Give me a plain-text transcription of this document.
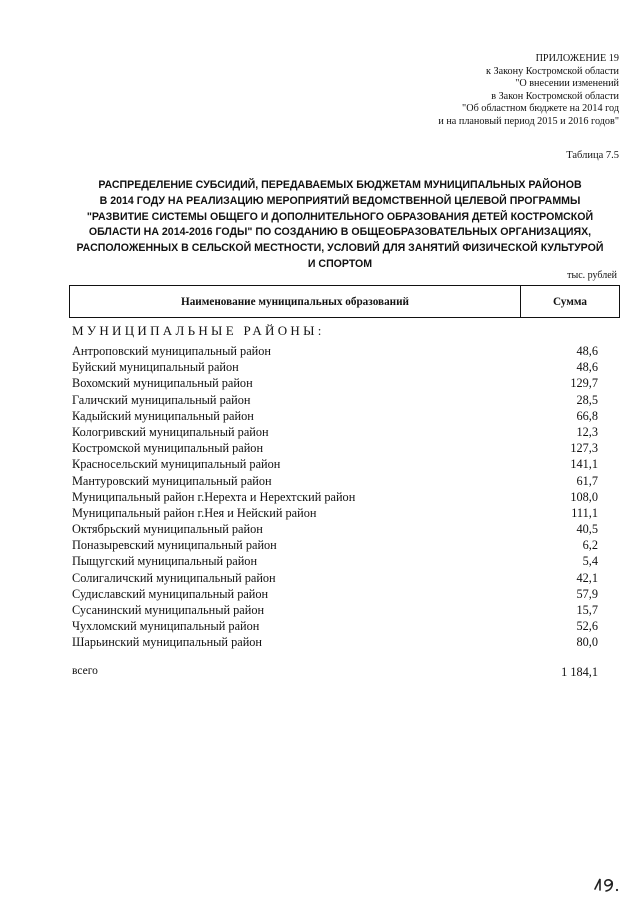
ПРИЛОЖЕНИЕ 19
к Закону Костромской области
"О внесении изменений
в Закон Костромской области
"Об областном бюджете на 2014 год
и на плановый период 2015 и 2016 годов"
Таблица 7.5
РАСПРЕДЕЛЕНИЕ СУБСИДИЙ, ПЕРЕДАВАЕМЫХ БЮДЖЕТАМ МУНИЦИПАЛЬНЫХ РАЙОНОВ
В 2014 ГОДУ НА РЕАЛИЗАЦИЮ МЕРОПРИЯТИЙ ВЕДОМСТВЕННОЙ ЦЕЛЕВОЙ ПРОГРАММЫ
"РАЗВИТИЕ СИСТЕМЫ ОБЩЕГО И ДОПОЛНИТЕЛЬНОГО ОБРАЗОВАНИЯ ДЕТЕЙ КОСТРОМСКОЙ
ОБЛАСТИ НА 2014-2016 ГОДЫ" ПО СОЗДАНИЮ В ОБЩЕОБРАЗОВАТЕЛЬНЫХ ОРГАНИЗАЦИЯХ,
РАСПОЛОЖЕННЫХ В СЕЛЬСКОЙ МЕСТНОСТИ, УСЛОВИЙ ДЛЯ ЗАНЯТИЙ ФИЗИЧЕСКОЙ КУЛЬТУРОЙ
И СПОРТОМ
тыс. рублей
Наименование муниципальных образований	Сумма
МУНИЦИПАЛЬНЫЕ РАЙОНЫ:
Антроповский муниципальный район	48,6
Буйский муниципальный район	48,6
Вохомский муниципальный район	129,7
Галичский муниципальный район	28,5
Кадыйский муниципальный район	66,8
Кологривский муниципальный район	12,3
Костромской муниципальный район	127,3
Красносельский муниципальный район	141,1
Мантуровский муниципальный район	61,7
Муниципальный район г.Нерехта и Нерехтский район	108,0
Муниципальный район г.Нея и Нейский район	111,1
Октябрьский муниципальный район	40,5
Поназыревский муниципальный район	6,2
Пыщугский муниципальный район	5,4
Солигаличский муниципальный район	42,1
Судиславский муниципальный район	57,9
Сусанинский муниципальный район	15,7
Чухломский муниципальный район	52,6
Шарьинский муниципальный район	80,0
всего	1 184,1
